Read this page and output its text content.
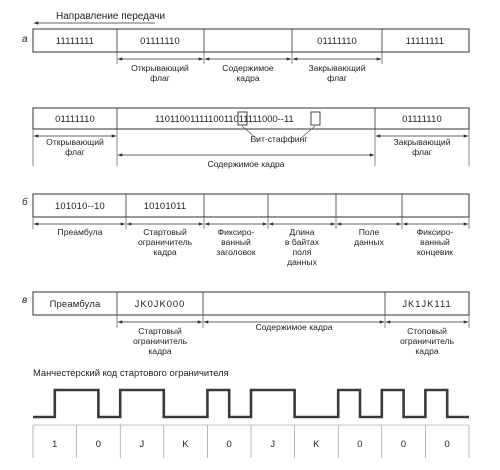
Направление передачи
а	11111111	01111110	01111110	11111111
Открывающий флаг
Содержимое кадра
Закрывающий флаг
01111110	01111110
1101100111110011011111000--11
Бит-стаффинг
Открывающий флаг
Закрывающий флаг
Содержимое кадра
б	101010--10	10101011
Преамбула	Стартовый ограничитель кадра
Фиксиро-ванный заголовок
Длина в байтах поля данных
Поле данных
Фиксиро-ванный концевик
в Преамбула	JK0JK000	JK1JK111
Стартовый ограничитель кадра
Содержимое кадра	Стоповый ограничитель кадра
Манчестерский код стартового ограничителя
1	0	J	K	0	J	K	0	0	0
